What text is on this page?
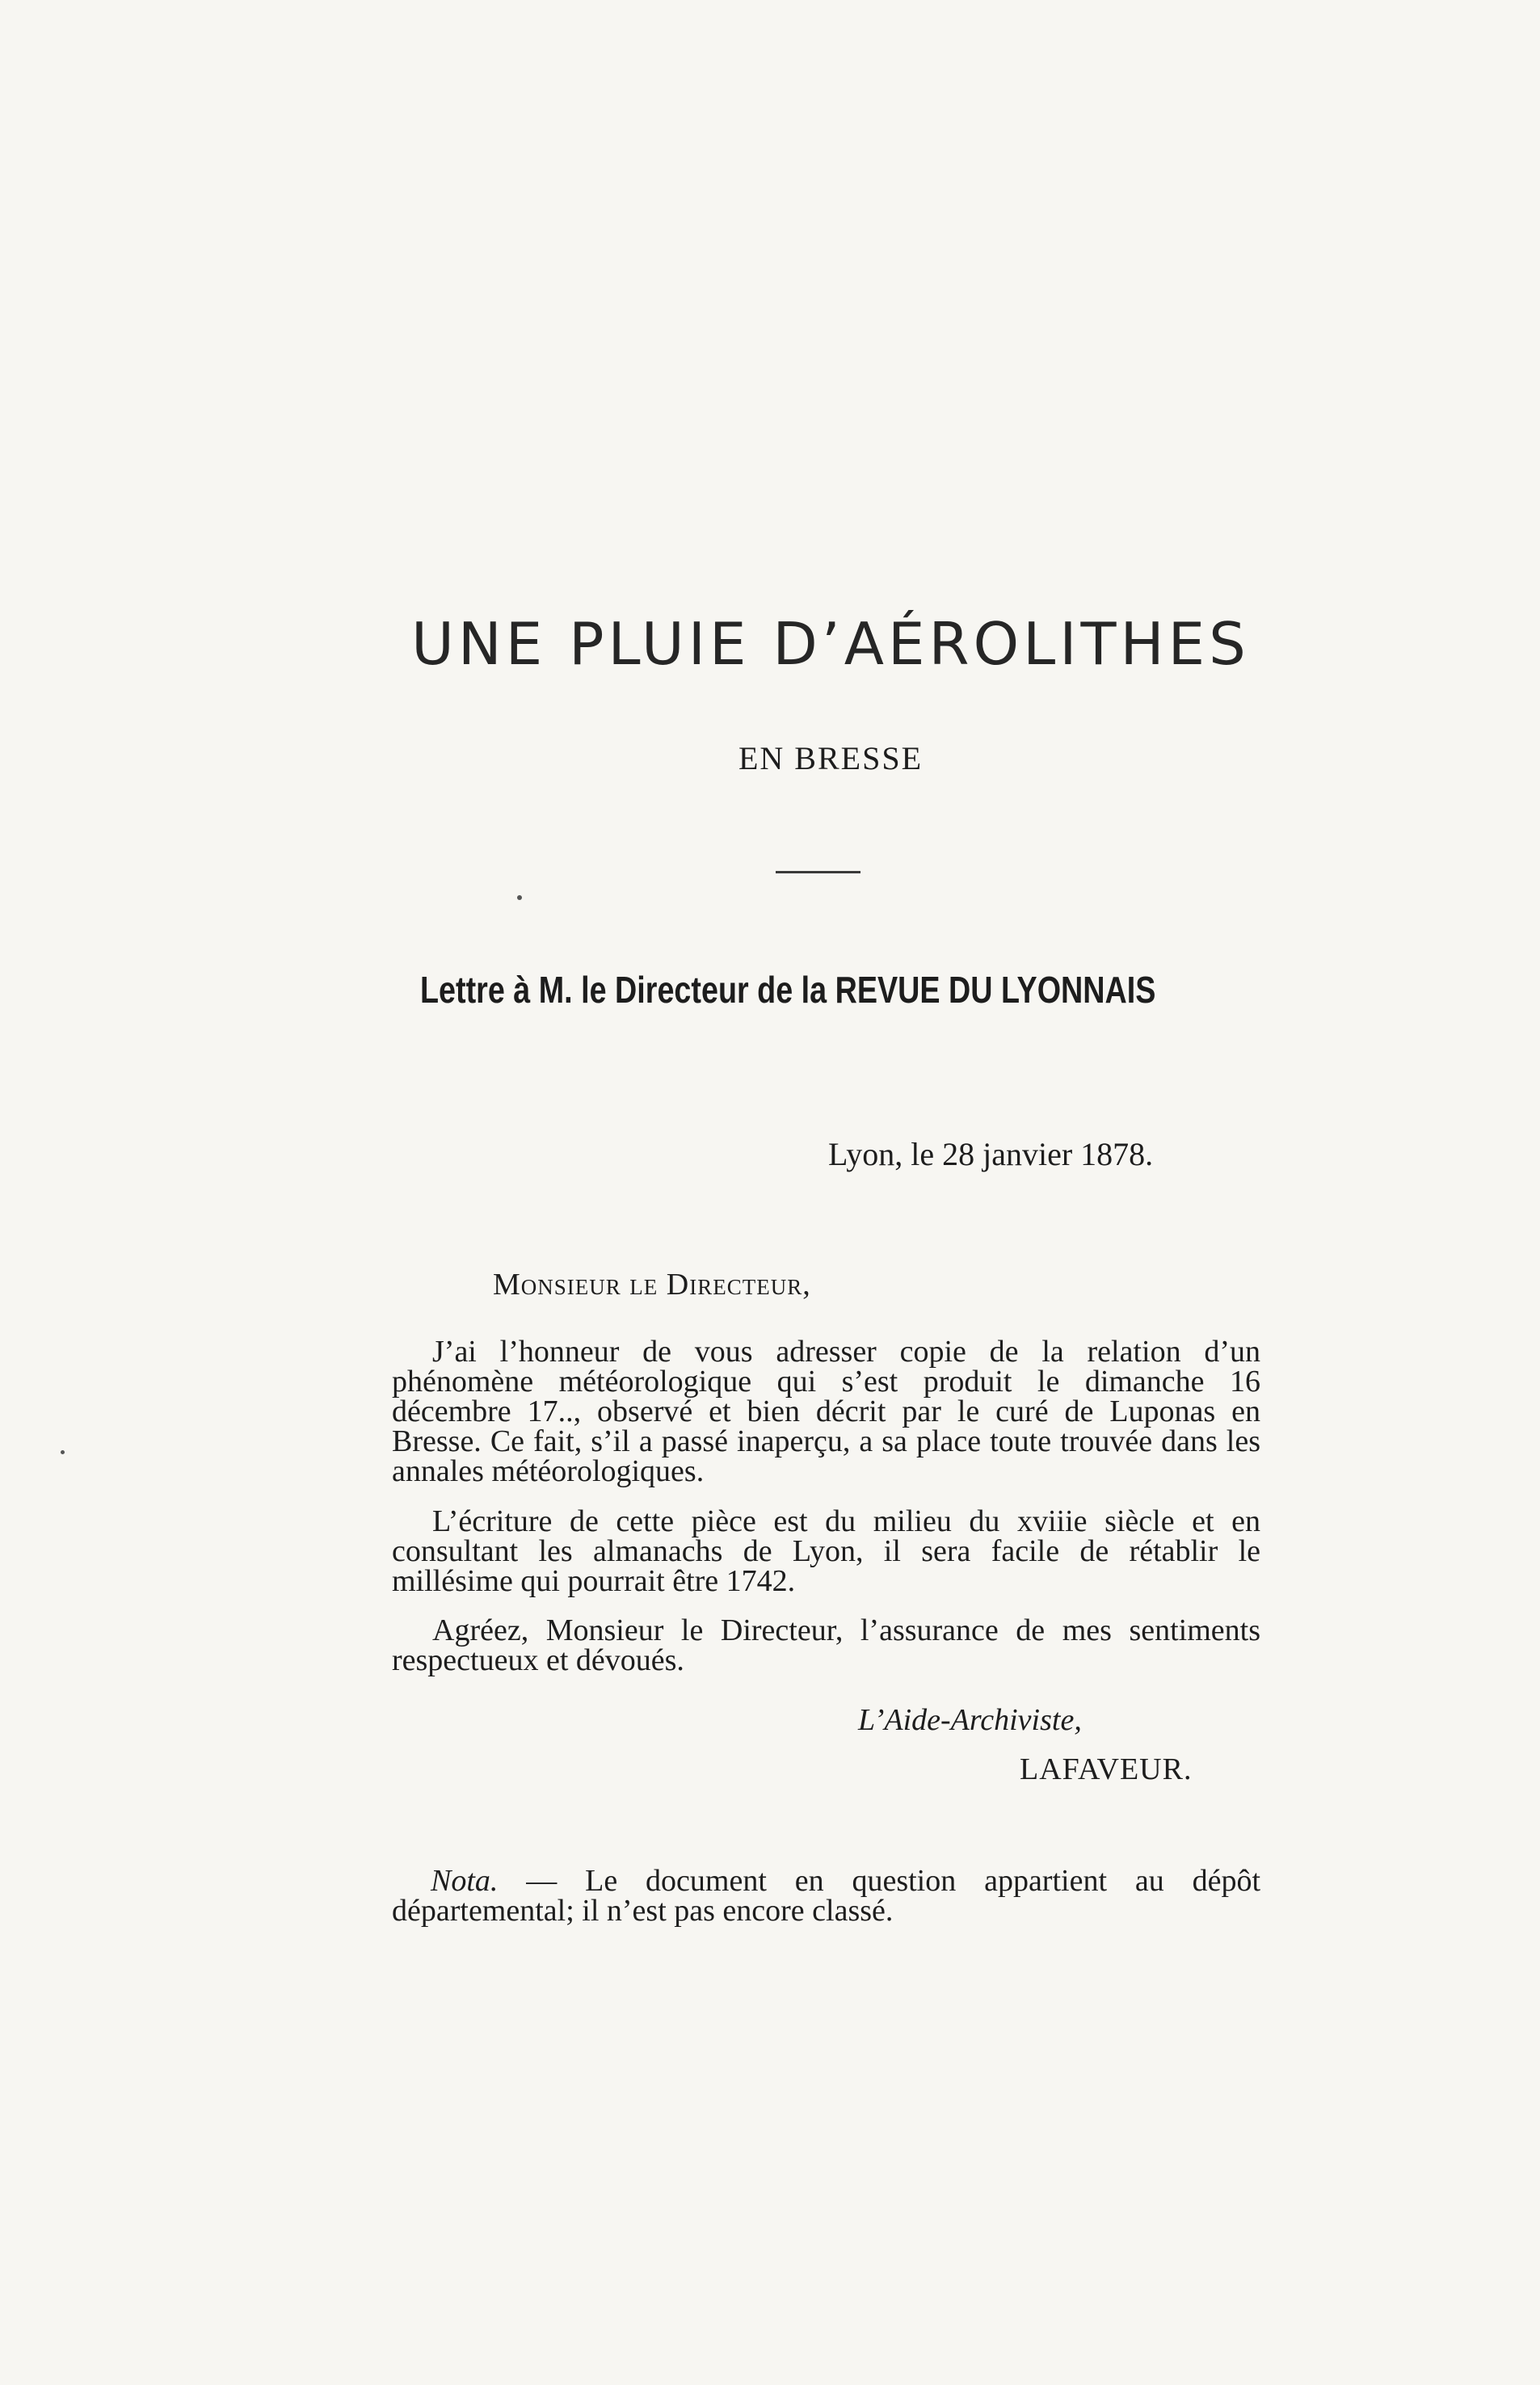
UNE PLUIE D’AÉROLITHES
EN BRESSE
Lettre à M. le Directeur de la REVUE DU LYONNAIS
Lyon, le 28 janvier 1878.
Monsieur le Directeur,

J’ai l’honneur de vous adresser copie de la relation d’un phénomène météorologique qui s’est produit le dimanche 16 décembre 17.., observé et bien décrit par le curé de Luponas en Bresse. Ce fait, s’il a passé inaperçu, a sa place toute trouvée dans les annales météorologiques.

L’écriture de cette pièce est du milieu du xviiie siècle et en consultant les almanachs de Lyon, il sera facile de rétablir le millésime qui pourrait être 1742.

Agréez, Monsieur le Directeur, l’assurance de mes sentiments respectueux et dévoués.

L’Aide-Archiviste,
LAFAVEUR.

Nota. — Le document en question appartient au dépôt départemental; il n’est pas encore classé.
